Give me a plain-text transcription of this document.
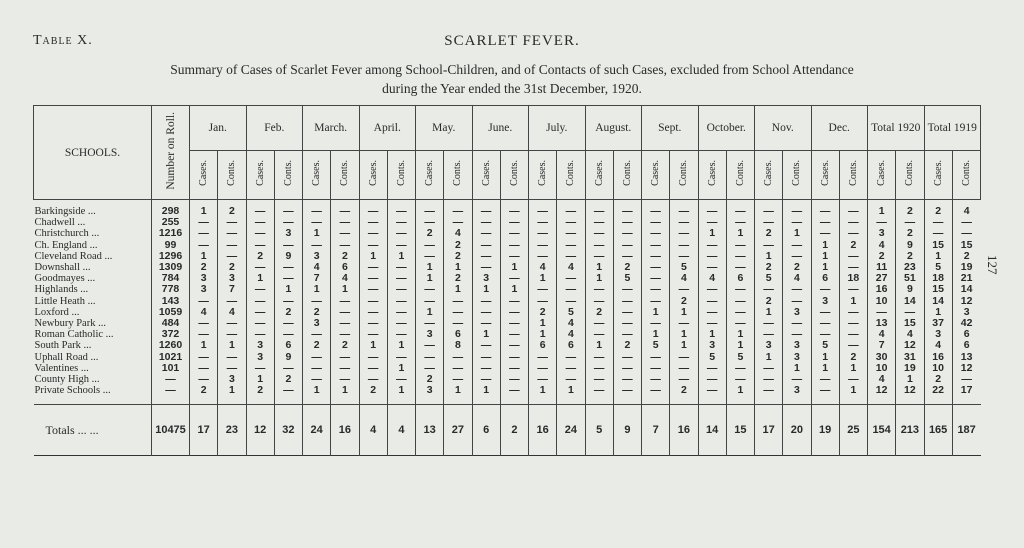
Table X.	SCARLET FEVER.
Summary of Cases of Scarlet Fever among School-Children, and of Contacts of such Cases, excluded from School Attendance
during the Year ended the 31st December, 1920.
127
SCHOOLS.	Number on Roll.	Jan.		Feb.		March.		April.		May.		June.		July.		August.		Sept.		October.		Nov.		Dec.		Total 1920		Total 1919	
		Cases.	Conts.	Cases.	Conts.	Cases.	Conts.	Cases.	Conts.	Cases.	Conts.	Cases.	Conts.	Cases.	Conts.	Cases.	Conts.	Cases.	Conts.	Cases.	Conts.	Cases.	Conts.	Cases.	Conts.	Cases.	Conts.	Cases.	Conts.
Barkingside ...	298	1	2	—	—	—	—	—	—	—	—	—	—	—	—	—	—	—	—	—	—	—	—	—	—	1	2	2	4
Chadwell ...	255	—	—	—	—	—	—	—	—	—	—	—	—	—	—	—	—	—	—	—	—	—	—	—	—	—	—	—	—
Christchurch ...	1216	—	—	—	3	1	—	—	—	2	4	—	—	—	—	—	—	—	—	1	1	2	1	—	—	3	2	—	—
Ch. England ...	99	—	—	—	—	—	—	—	—	—	2	—	—	—	—	—	—	—	—	—	—	—	—	1	2	4	9	15	15
Cleveland Road ...	1296	1	—	2	9	3	2	1	1	—	2	—	—	—	—	—	—	—	—	—	—	1	—	1	—	2	2	1	2
Downshall ...	1309	2	2	—	—	4	6	—	—	1	1	—	1	4	4	1	2	—	5	—	—	2	2	1	—	11	23	5	19
Goodmayes ...	784	3	3	1	—	7	4	—	—	1	2	3	—	1	—	1	5	—	4	4	6	5	4	6	18	27	51	18	21
Highlands ...	778	3	7	—	1	1	1	—	—	—	1	1	1	—	—	—	—	—	—	—	—	—	—	—	—	16	9	15	14
Little Heath ...	143	—	—	—	—	—	—	—	—	—	—	—	—	—	—	—	—	—	2	—	—	2	—	3	1	10	14	14	12
Loxford ...	1059	4	4	—	2	2	—	—	—	1	—	—	—	2	5	2	—	1	1	—	—	1	3	—	—	—	—	1	3
Newbury Park ...	484	—	—	—	—	3	—	—	—	—	—	—	—	1	4	—	—	—	—	—	—	—	—	—	—	13	15	37	42
Roman Catholic ...	372	—	—	—	—	—	—	—	—	3	6	1	—	1	4	—	—	1	1	1	1	—	—	—	—	4	4	3	6
South Park ...	1260	1	1	3	6	2	2	1	1	—	8	—	—	6	6	1	2	5	1	3	1	3	3	5	—	7	12	4	6
Uphall Road ...	1021	—	—	3	9	—	—	—	—	—	—	—	—	—	—	—	—	—	—	5	5	1	3	1	2	30	31	16	13
Valentines ...	101	—	—	—	—	—	—	—	1	—	—	—	—	—	—	—	—	—	—	—	—	—	1	1	1	10	19	10	12
County High ...	—	—	3	1	2	—	—	—	—	2	—	—	—	—	—	—	—	—	—	—	—	—	—	—	—	4	1	2	—
Private Schools ...	—	2	1	2	—	1	1	2	1	3	1	1	—	1	1	—	—	—	2	—	1	—	3	—	1	12	12	22	17
Totals ... ...	10475	17	23	12	32	24	16	4	4	13	27	6	2	16	24	5	9	7	16	14	15	17	20	19	25	154	213	165	187
